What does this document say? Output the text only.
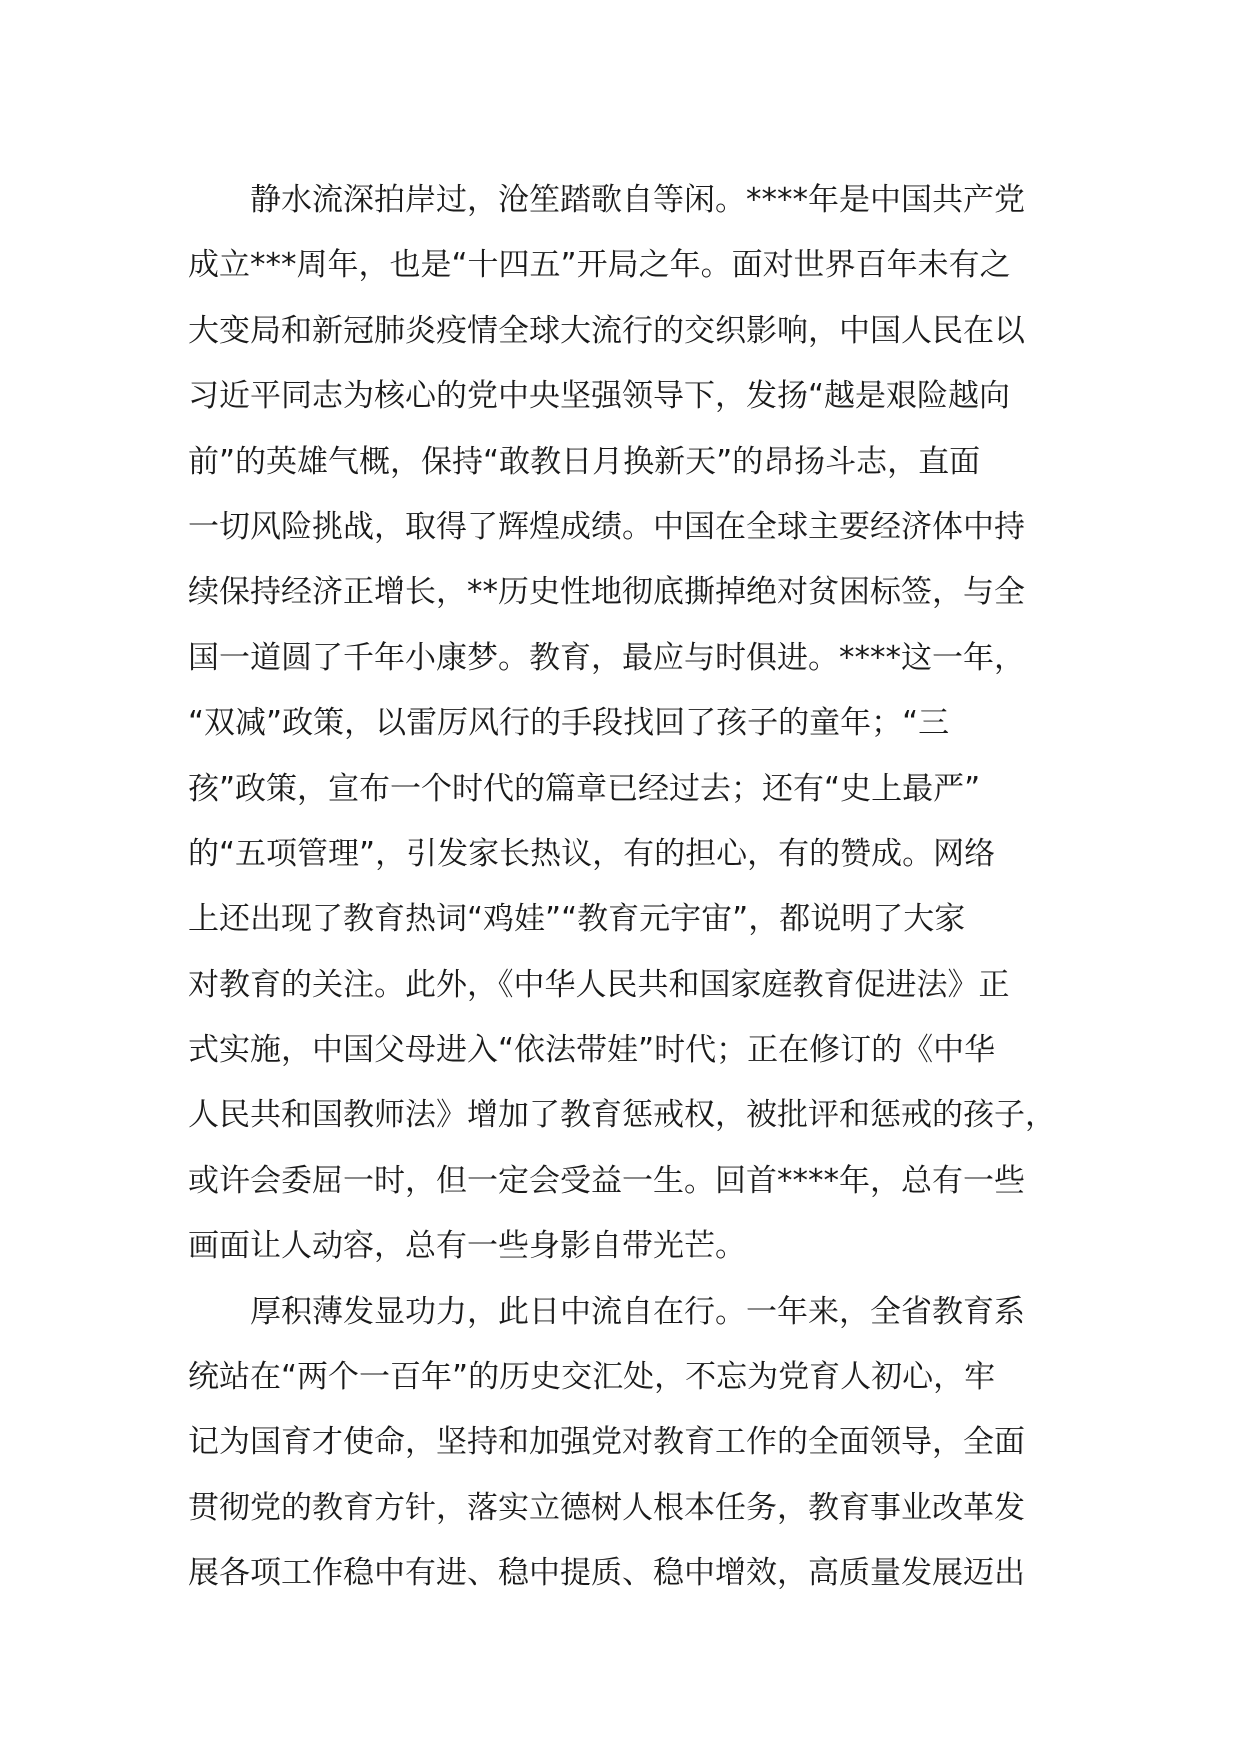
静水流深拍岸过，沧笙踏歌自等闲。****年是中国共产党
成立***周年，也是“十四五”开局之年。面对世界百年未有之
大变局和新冠肺炎疫情全球大流行的交织影响，中国人民在以
习近平同志为核心的党中央坚强领导下，发扬“越是艰险越向
前”的英雄气概，保持“敢教日月换新天”的昂扬斗志，直面
一切风险挑战，取得了辉煌成绩。中国在全球主要经济体中持
续保持经济正增长，**历史性地彻底撕掉绝对贫困标签，与全
国一道圆了千年小康梦。教育，最应与时俱进。****这一年，
“双减”政策，以雷厉风行的手段找回了孩子的童年；“三
孩”政策，宣布一个时代的篇章已经过去；还有“史上最严”
的“五项管理”，引发家长热议，有的担心，有的赞成。网络
上还出现了教育热词“鸡娃”“教育元宇宙”，都说明了大家
对教育的关注。此外，《中华人民共和国家庭教育促进法》正
式实施，中国父母进入“依法带娃”时代；正在修订的《中华
人民共和国教师法》增加了教育惩戒权，被批评和惩戒的孩子，
或许会委屈一时，但一定会受益一生。回首****年，总有一些
画面让人动容，总有一些身影自带光芒。
厚积薄发显功力，此日中流自在行。一年来，全省教育系
统站在“两个一百年”的历史交汇处，不忘为党育人初心，牢
记为国育才使命，坚持和加强党对教育工作的全面领导，全面
贯彻党的教育方针，落实立德树人根本任务，教育事业改革发
展各项工作稳中有进、稳中提质、稳中增效，高质量发展迈出
